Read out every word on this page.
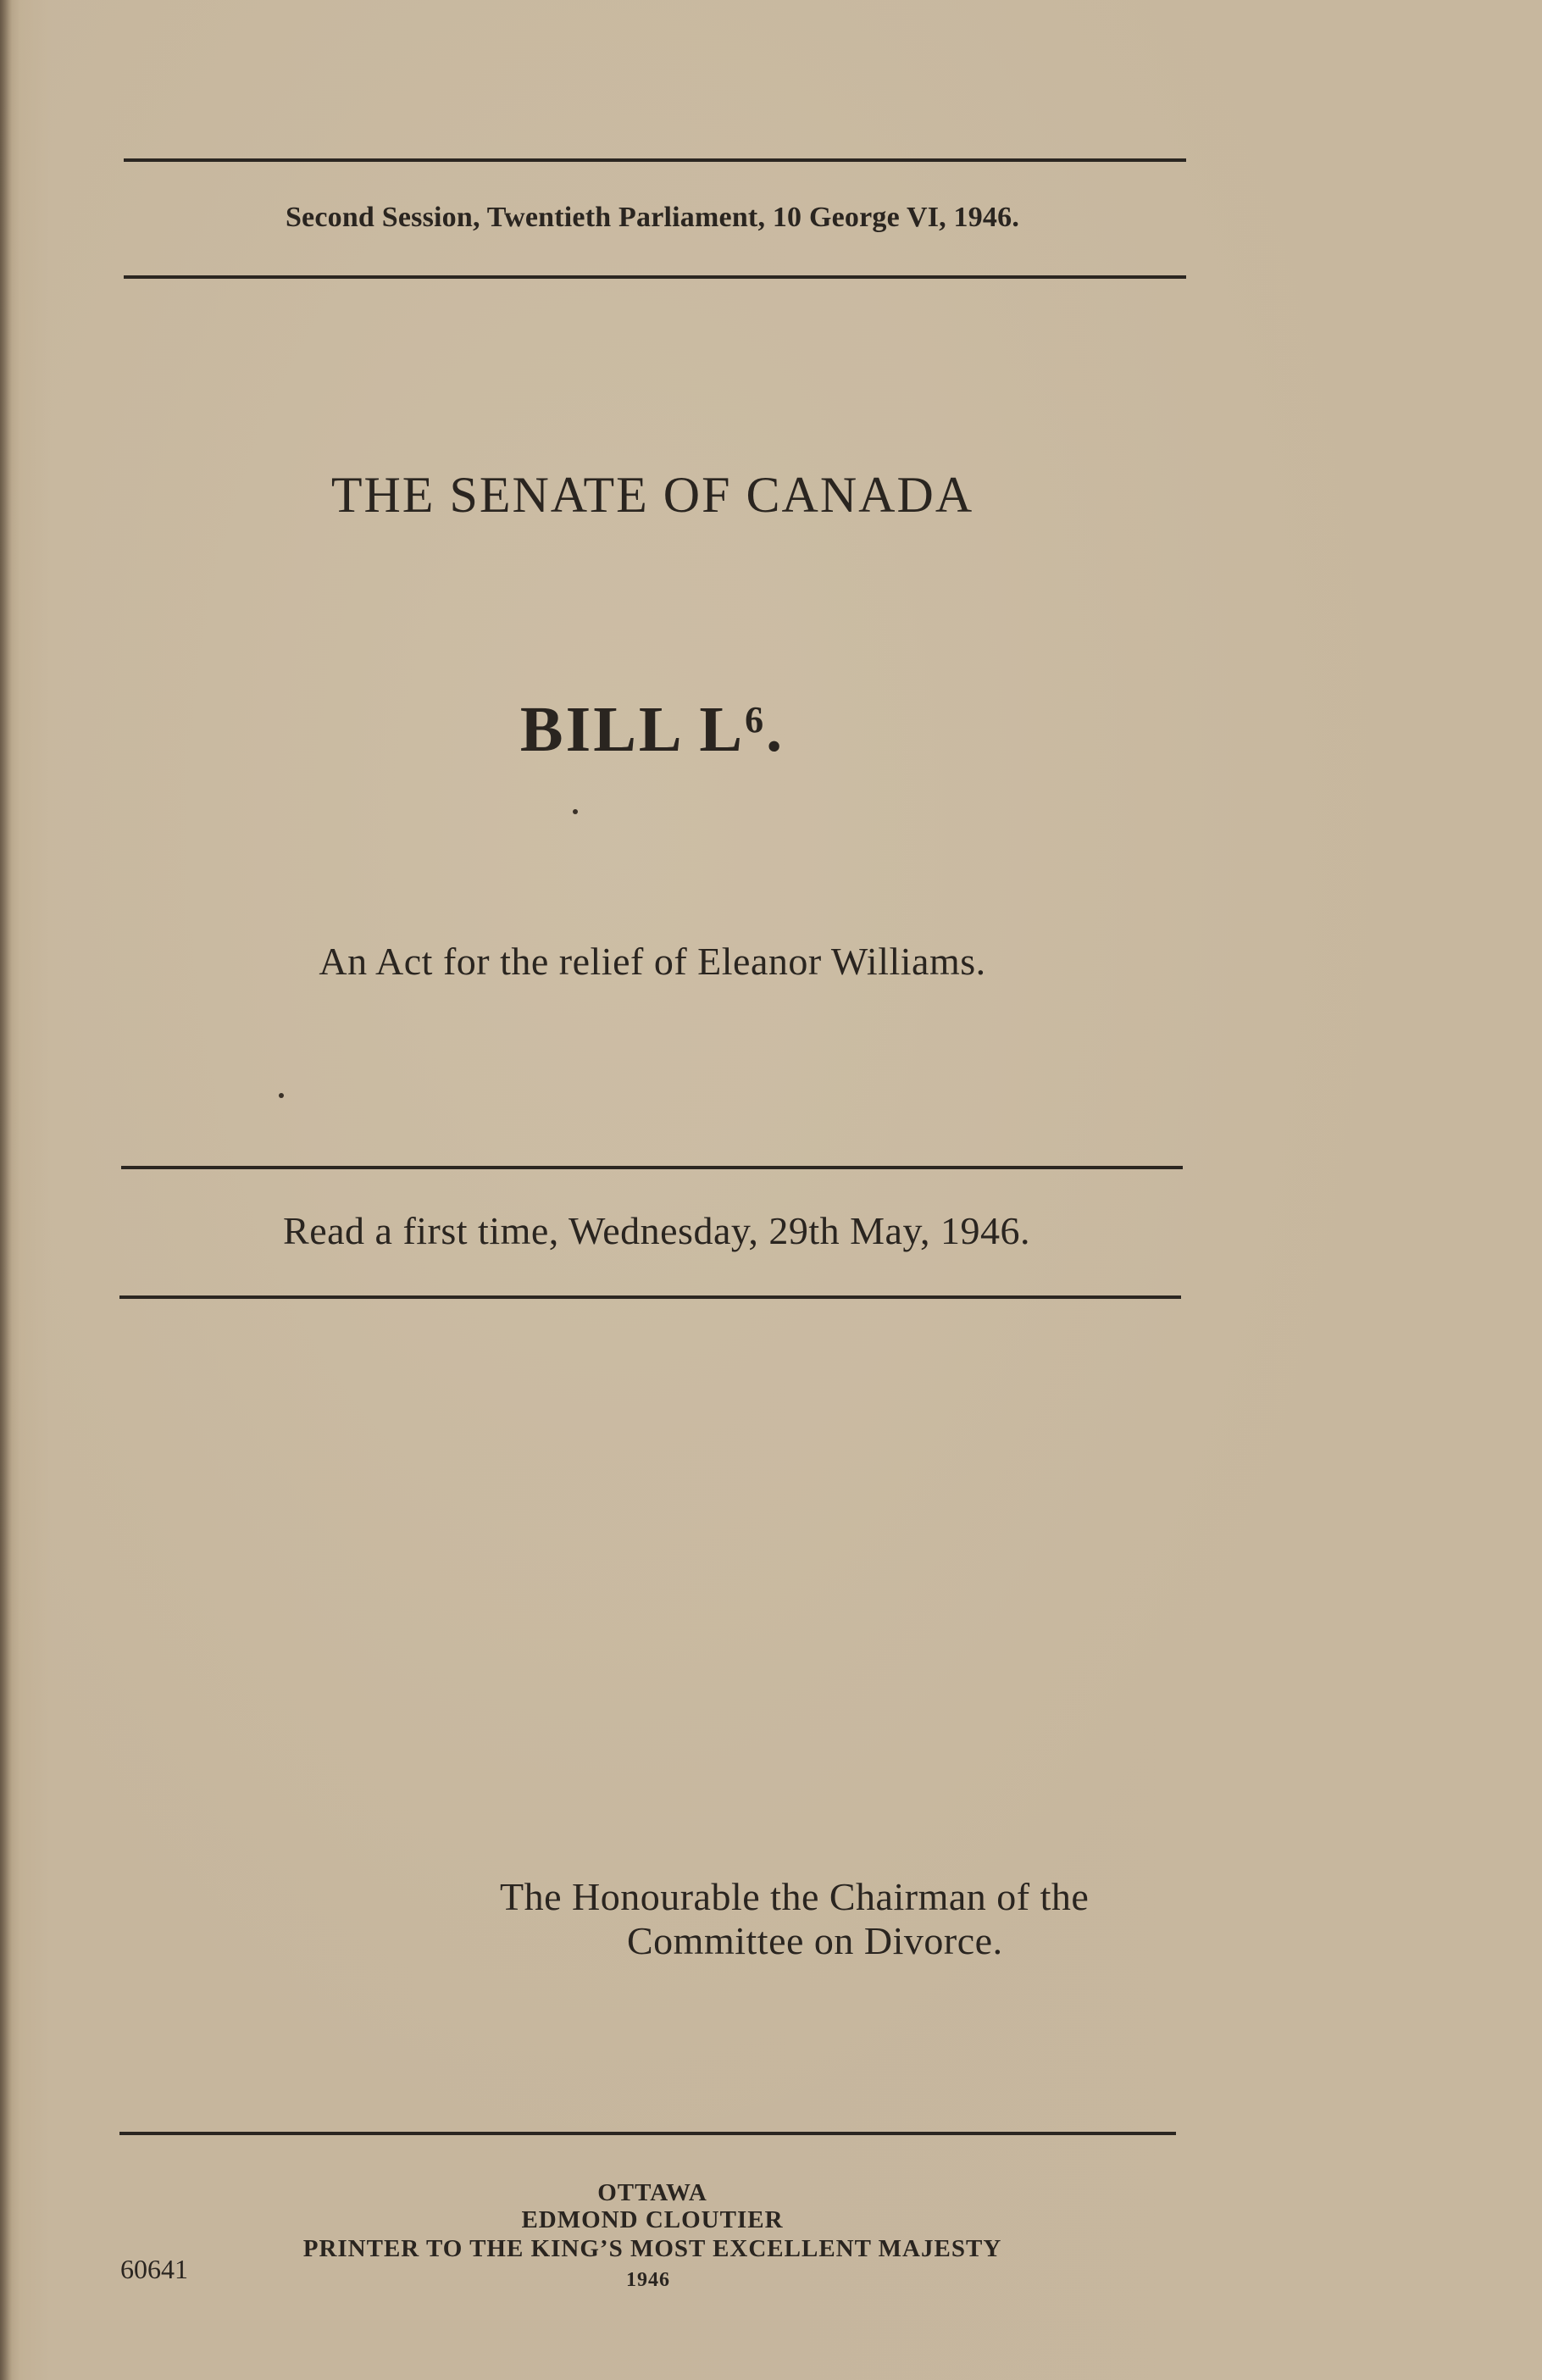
Second Session, Twentieth Parliament, 10 George VI, 1946.
THE SENATE OF CANADA
BILL $L^6$.
An Act for the relief of Eleanor Williams.
Read a first time, Wednesday, 29th May, 1946.
The Honourable the Chairman of the
Committee on Divorce.
OTTAWA
EDMOND CLOUTIER
PRINTER TO THE KING’S MOST EXCELLENT MAJESTY
1946
60641
